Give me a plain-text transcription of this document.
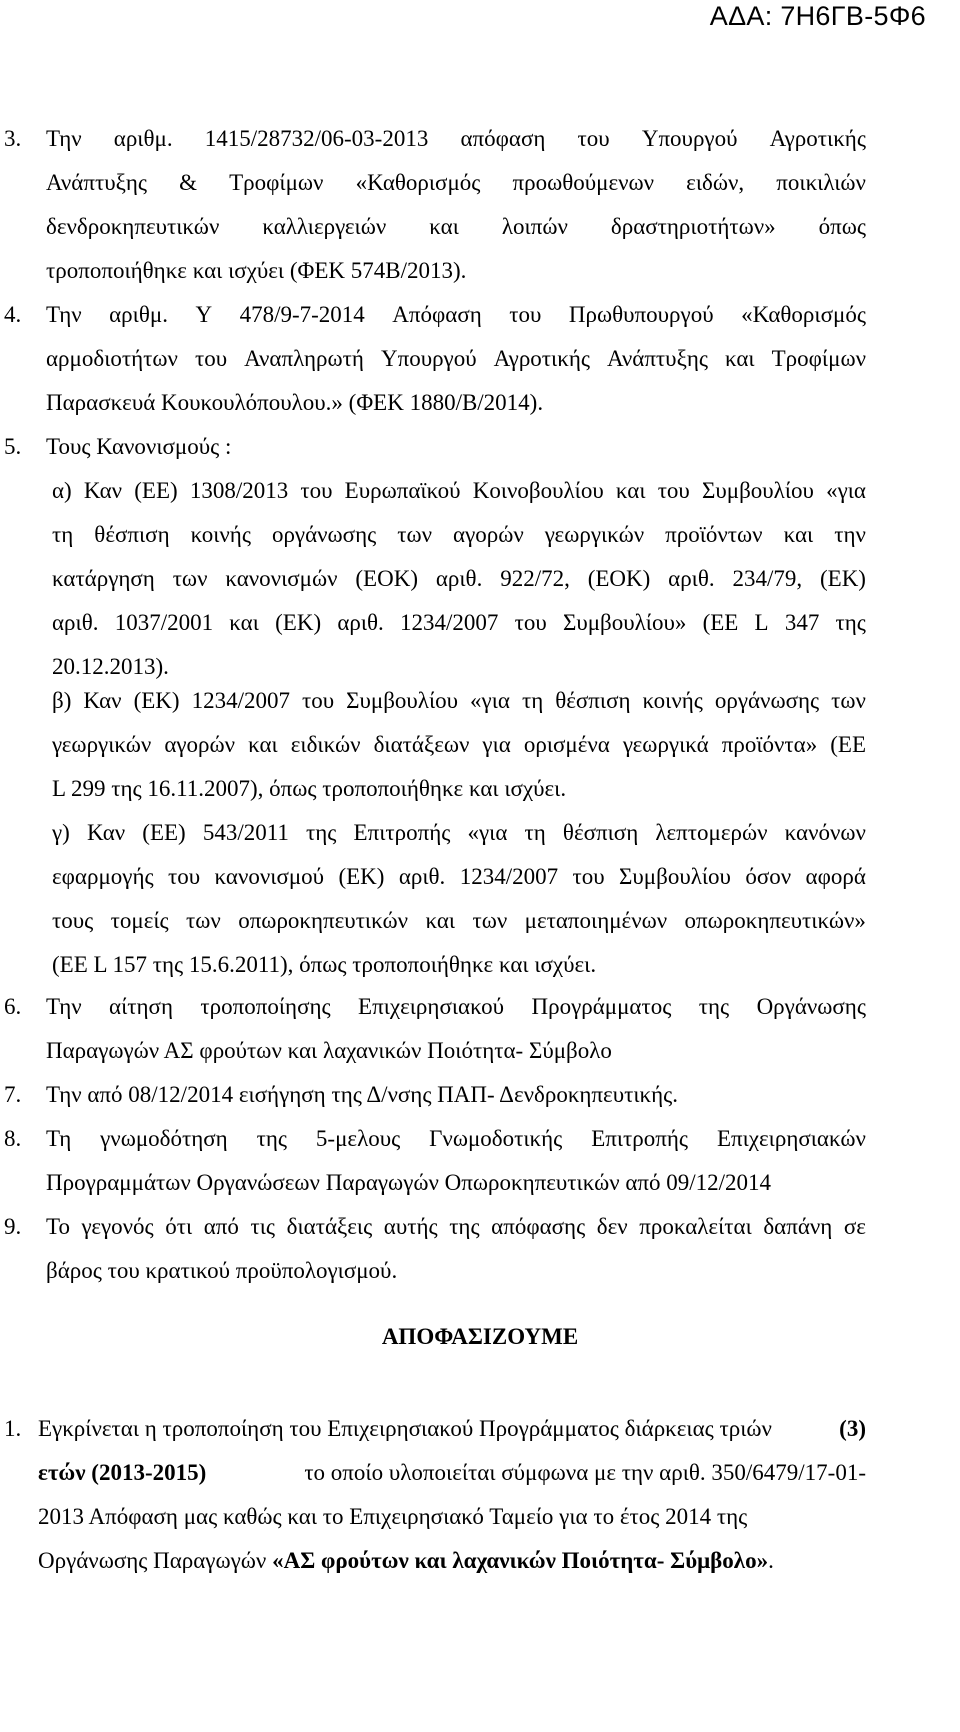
ΑΔΑ: 7Η6ΓΒ-5Φ6
3. Την αριθμ. 1415/28732/06-03-2013 απόφαση του Υπουργού Αγροτικής
Ανάπτυξης & Τροφίμων «Καθορισμός προωθούμενων ειδών, ποικιλιών
δενδροκηπευτικών καλλιεργειών και λοιπών δραστηριοτήτων» όπως
τροποποιήθηκε και ισχύει (ΦΕΚ 574Β/2013).
4. Την αριθμ. Υ 478/9-7-2014 Απόφαση του Πρωθυπουργού «Καθορισμός
αρμοδιοτήτων του Αναπληρωτή Υπουργού Αγροτικής Ανάπτυξης και Τροφίμων
Παρασκευά Κουκουλόπουλου.» (ΦΕΚ 1880/Β/2014).
5. Τους Κανονισμούς :
α) Καν (ΕΕ) 1308/2013 του Ευρωπαϊκού Κοινοβουλίου και του Συμβουλίου «για
τη θέσπιση κοινής οργάνωσης των αγορών γεωργικών προϊόντων και την
κατάργηση των κανονισμών (ΕΟΚ) αριθ. 922/72, (ΕΟΚ) αριθ. 234/79, (ΕΚ)
αριθ. 1037/2001 και (ΕΚ) αριθ. 1234/2007 του Συμβουλίου» (ΕΕ L 347 της
20.12.2013).
β) Καν (ΕΚ) 1234/2007 του Συμβουλίου «για τη θέσπιση κοινής οργάνωσης των
γεωργικών αγορών και ειδικών διατάξεων για ορισμένα γεωργικά προϊόντα» (ΕΕ
L 299 της 16.11.2007), όπως τροποποιήθηκε και ισχύει.
γ) Καν (ΕΕ) 543/2011 της Επιτροπής «για τη θέσπιση λεπτομερών κανόνων
εφαρμογής του κανονισμού (ΕΚ) αριθ. 1234/2007 του Συμβουλίου όσον αφορά
τους τομείς των οπωροκηπευτικών και των μεταποιημένων οπωροκηπευτικών»
(ΕΕ L 157 της 15.6.2011), όπως τροποποιήθηκε και ισχύει.
6. Την αίτηση τροποποίησης Επιχειρησιακού Προγράμματος της Οργάνωσης
Παραγωγών ΑΣ φρούτων και λαχανικών Ποιότητα- Σύμβολο
7. Την από 08/12/2014 εισήγηση της Δ/νσης ΠΑΠ- Δενδροκηπευτικής.
8. Τη γνωμοδότηση της 5-μελους Γνωμοδοτικής Επιτροπής Επιχειρησιακών
Προγραμμάτων Οργανώσεων Παραγωγών Οπωροκηπευτικών από 09/12/2014
9. Το γεγονός ότι από τις διατάξεις αυτής της απόφασης δεν προκαλείται δαπάνη σε
βάρος του κρατικού προϋπολογισμού.
ΑΠΟΦΑΣΙΖΟΥΜΕ
1. Εγκρίνεται η τροποποίηση του Επιχειρησιακού Προγράμματος διάρκειας τριών	(3)
ετών (2013-2015)	το οποίο υλοποιείται σύμφωνα με την αριθ. 350/6479/17-01-
2013 Απόφαση μας καθώς και το Επιχειρησιακό Ταμείο για το έτος 2014 της
Οργάνωσης Παραγωγών «ΑΣ φρούτων και λαχανικών Ποιότητα- Σύμβολο».
